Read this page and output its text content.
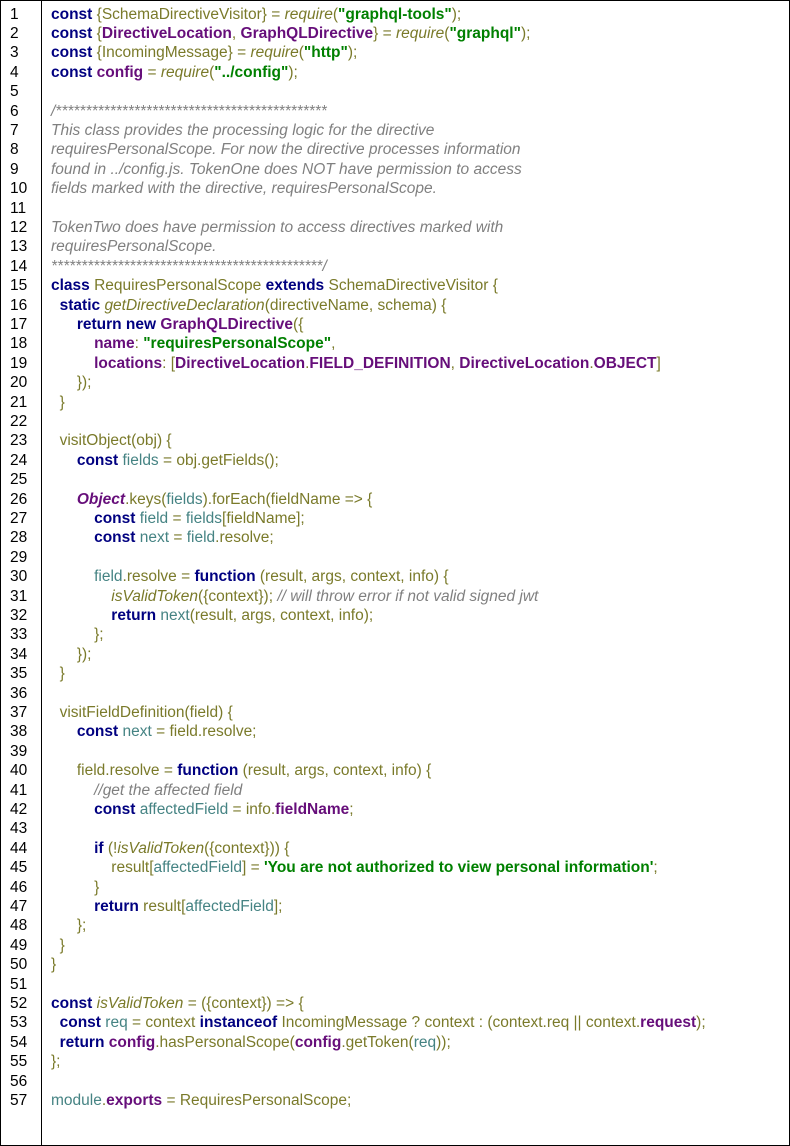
1	const {SchemaDirectiveVisitor} = require("graphql-tools");
2	const {DirectiveLocation, GraphQLDirective} = require("graphql");
3	const {IncomingMessage} = require("http");
4	const config = require("../config");
5
6	/*********************************************
7	This class provides the processing logic for the directive
8	requiresPersonalScope. For now the directive processes information
9	found in ../config.js. TokenOne does NOT have permission to access
10	fields marked with the directive, requiresPersonalScope.
11
12	TokenTwo does have permission to access directives marked with
13	requiresPersonalScope.
14	*********************************************/
15	class RequiresPersonalScope extends SchemaDirectiveVisitor {
16	static getDirectiveDeclaration(directiveName, schema) {
17	return new GraphQLDirective({
18	name: "requiresPersonalScope",
19	locations: [DirectiveLocation.FIELD_DEFINITION, DirectiveLocation.OBJECT]
20	});
21	}
22
23	visitObject(obj) {
24	const fields = obj.getFields();
25
26	Object.keys(fields).forEach(fieldName => {
27	const field = fields[fieldName];
28	const next = field.resolve;
29
30	field.resolve = function (result, args, context, info) {
31	isValidToken({context}); // will throw error if not valid signed jwt
32	return next(result, args, context, info);
33	};
34	});
35	}
36
37	visitFieldDefinition(field) {
38	const next = field.resolve;
39
40	field.resolve = function (result, args, context, info) {
41	//get the affected field
42	const affectedField = info.fieldName;
43
44	if (!isValidToken({context})) {
45	result[affectedField] = 'You are not authorized to view personal information';
46	}
47	return result[affectedField];
48	};
49	}
50	}
51
52	const isValidToken = ({context}) => {
53	const req = context instanceof IncomingMessage ? context : (context.req || context.request);
54	return config.hasPersonalScope(config.getToken(req));
55	};
56
57	module.exports = RequiresPersonalScope;
